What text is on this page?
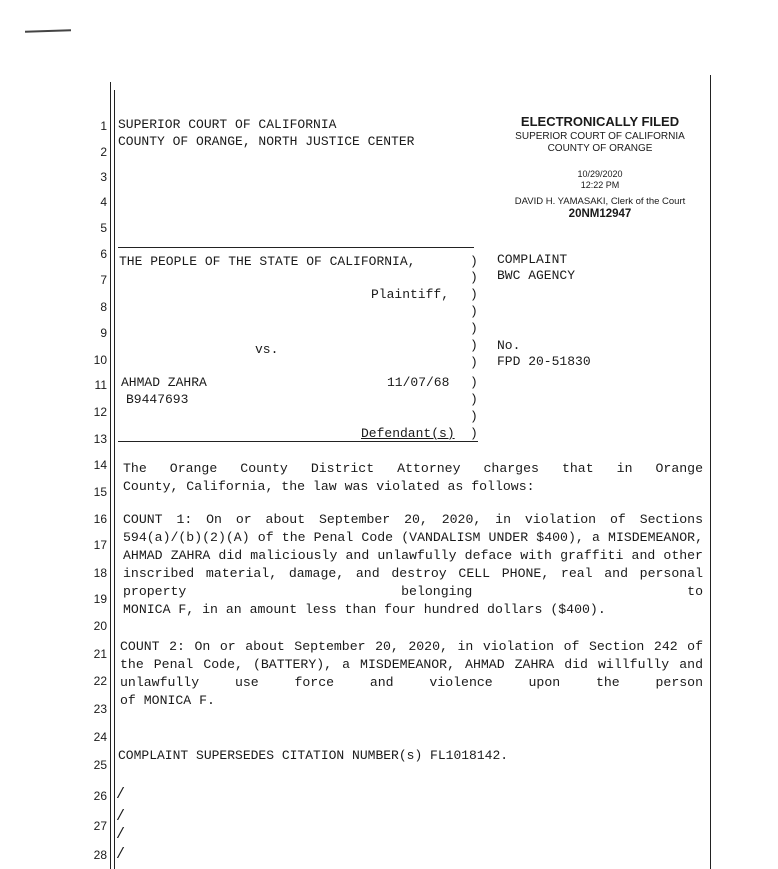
1
2
3
4
5
6
7
8
9
10
11
12
13
14
15
16
17
18
19
20
21
22
23
24
25
26
27
28
SUPERIOR COURT OF CALIFORNIA
COUNTY OF ORANGE, NORTH JUSTICE CENTER
ELECTRONICALLY FILED
SUPERIOR COURT OF CALIFORNIA
COUNTY OF ORANGE
10/29/2020
12:22 PM
DAVID H. YAMASAKI, Clerk of the Court
20NM12947
THE PEOPLE OF THE STATE OF CALIFORNIA,
Plaintiff,
vs.
AHMAD ZAHRA	11/07/68
B9447693
Defendant(s)
)
)
)
)
)
)
)
)
)
)
)
COMPLAINT
BWC AGENCY
No.
FPD 20-51830
The Orange County District Attorney charges that in Orange
County, California, the law was violated as follows:
COUNT 1: On or about September 20, 2020, in violation of Sections 594(a)/(b)(2)(A) of the Penal Code (VANDALISM UNDER $400), a MISDEMEANOR, AHMAD ZAHRA did maliciously and unlawfully deface with graffiti and other inscribed material, damage, and destroy CELL PHONE, real and personal property belonging to
MONICA F, in an amount less than four hundred dollars ($400).
COUNT 2: On or about September 20, 2020, in violation of Section 242 of the Penal Code, (BATTERY), a MISDEMEANOR, AHMAD ZAHRA did willfully and unlawfully use force and violence upon the person
of MONICA F.
COMPLAINT SUPERSEDES CITATION NUMBER(s) FL1018142.
/
/
/
/
